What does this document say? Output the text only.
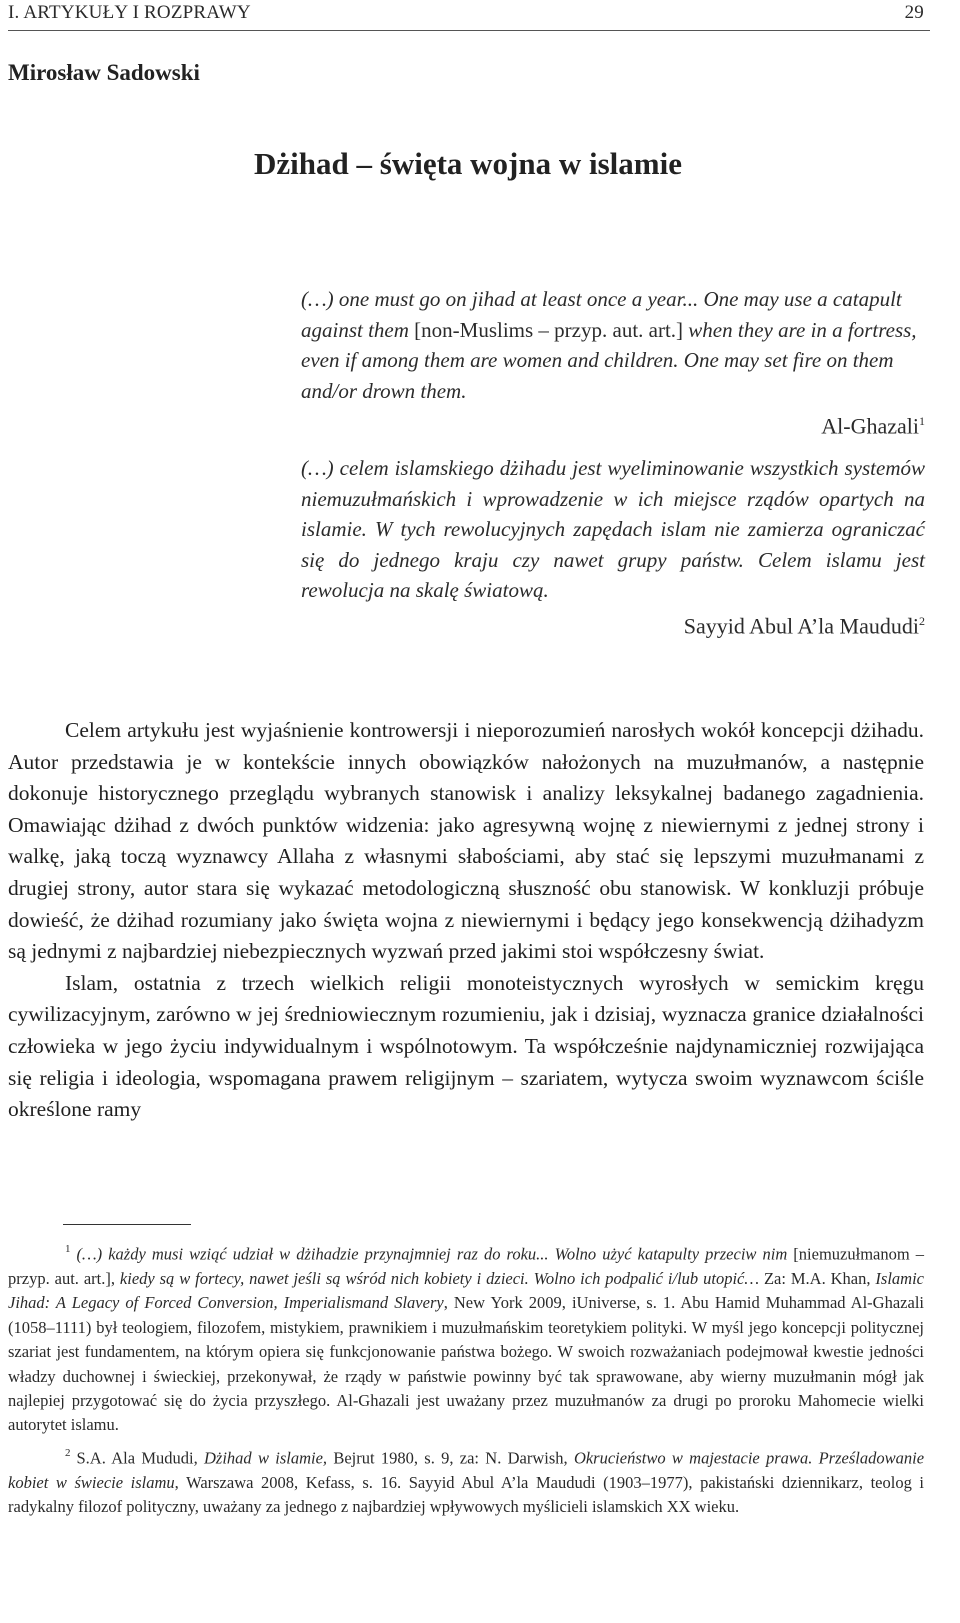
I. ARTYKUŁY I ROZPRAWY	29
Mirosław Sadowski
Dżihad – święta wojna w islamie

(…) one must go on jihad at least once a year... One may use a catapult against them [non-Muslims – przyp. aut. art.] when they are in a fortress, even if among them are women and children. One may set fire on them and/or drown them.

Al-Ghazali$^1$

(…) celem islamskiego dżihadu jest wyeliminowanie wszystkich systemów niemuzułmańskich i wprowadzenie w ich miejsce rządów opartych na islamie. W tych rewolucyjnych zapędach islam nie zamierza ograniczać się do jednego kraju czy nawet grupy państw. Celem islamu jest rewolucja na skalę światową.

Sayyid Abul A’la Maududi$^2$

Celem artykułu jest wyjaśnienie kontrowersji i nieporozumień narosłych wokół koncepcji dżihadu. Autor przedstawia je w kontekście innych obowiązków nałożonych na muzułmanów, a następnie dokonuje historycznego przeglądu wybranych stanowisk i analizy leksykalnej badanego zagadnienia. Omawiając dżihad z dwóch punktów widzenia: jako agresywną wojnę z niewiernymi z jednej strony i walkę, jaką toczą wyznawcy Allaha z własnymi słabościami, aby stać się lepszymi muzułmanami z drugiej strony, autor stara się wykazać metodologiczną słuszność obu stanowisk. W konkluzji próbuje dowieść, że dżihad rozumiany jako święta wojna z niewiernymi i będący jego konsekwencją dżihadyzm są jednymi z najbardziej niebezpiecznych wyzwań przed jakimi stoi współczesny świat.

Islam, ostatnia z trzech wielkich religii monoteistycznych wyrosłych w semickim kręgu cywilizacyjnym, zarówno w jej średniowiecznym rozumieniu, jak i dzisiaj, wyznacza granice działalności człowieka w jego życiu indywidualnym i wspólnotowym. Ta współcześnie najdynamiczniej rozwijająca się religia i ideologia, wspomagana prawem religijnym – szariatem, wytycza swoim wyznawcom ściśle określone ramy

$^1$ (…) każdy musi wziąć udział w dżihadzie przynajmniej raz do roku... Wolno użyć katapulty przeciw nim [niemuzułmanom – przyp. aut. art.], kiedy są w fortecy, nawet jeśli są wśród nich kobiety i dzieci. Wolno ich podpalić i/lub utopić… Za: M.A. Khan, Islamic Jihad: A Legacy of Forced Conversion, Imperialismand Slavery, New York 2009, iUniverse, s. 1. Abu Hamid Muhammad Al-Ghazali (1058–1111) był teologiem, filozofem, mistykiem, prawnikiem i muzułmańskim teoretykiem polityki. W myśl jego koncepcji politycznej szariat jest fundamentem, na którym opiera się funkcjonowanie państwa bożego. W swoich rozważaniach podejmował kwestie jedności władzy duchownej i świeckiej, przekonywał, że rządy w państwie powinny być tak sprawowane, aby wierny muzułmanin mógł jak najlepiej przygotować się do życia przyszłego. Al-Ghazali jest uważany przez muzułmanów za drugi po proroku Mahomecie wielki autorytet islamu.

$^2$ S.A. Ala Mududi, Dżihad w islamie, Bejrut 1980, s. 9, za: N. Darwish, Okrucieństwo w majestacie prawa. Prześladowanie kobiet w świecie islamu, Warszawa 2008, Kefass, s. 16. Sayyid Abul A’la Maududi (1903–1977), pakistański dziennikarz, teolog i radykalny filozof polityczny, uważany za jednego z najbardziej wpływowych myślicieli islamskich XX wieku.
